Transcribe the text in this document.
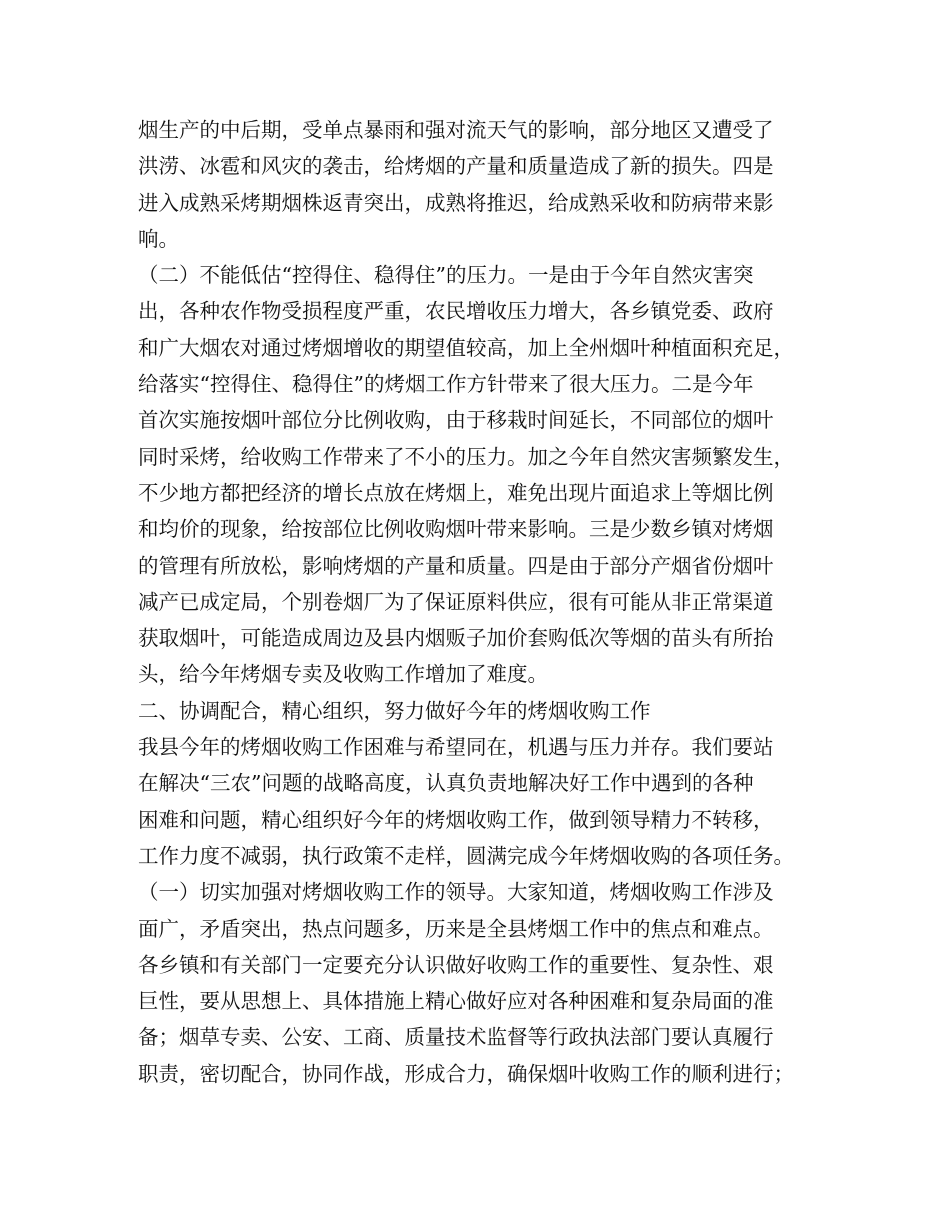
烟生产的中后期，受单点暴雨和强对流天气的影响，部分地区又遭受了
洪涝、冰雹和风灾的袭击，给烤烟的产量和质量造成了新的损失。四是
进入成熟采烤期烟株返青突出，成熟将推迟，给成熟采收和防病带来影
响。
（二）不能低估“控得住、稳得住”的压力。一是由于今年自然灾害突
出，各种农作物受损程度严重，农民增收压力增大，各乡镇党委、政府
和广大烟农对通过烤烟增收的期望值较高，加上全州烟叶种植面积充足，
给落实“控得住、稳得住”的烤烟工作方针带来了很大压力。二是今年
首次实施按烟叶部位分比例收购，由于移栽时间延长，不同部位的烟叶
同时采烤，给收购工作带来了不小的压力。加之今年自然灾害频繁发生，
不少地方都把经济的增长点放在烤烟上，难免出现片面追求上等烟比例
和均价的现象，给按部位比例收购烟叶带来影响。三是少数乡镇对烤烟
的管理有所放松，影响烤烟的产量和质量。四是由于部分产烟省份烟叶
减产已成定局，个别卷烟厂为了保证原料供应，很有可能从非正常渠道
获取烟叶，可能造成周边及县内烟贩子加价套购低次等烟的苗头有所抬
头，给今年烤烟专卖及收购工作增加了难度。
二、协调配合，精心组织，努力做好今年的烤烟收购工作
我县今年的烤烟收购工作困难与希望同在，机遇与压力并存。我们要站
在解决“三农”问题的战略高度，认真负责地解决好工作中遇到的各种
困难和问题，精心组织好今年的烤烟收购工作，做到领导精力不转移，
工作力度不减弱，执行政策不走样，圆满完成今年烤烟收购的各项任务。
（一）切实加强对烤烟收购工作的领导。大家知道，烤烟收购工作涉及
面广，矛盾突出，热点问题多，历来是全县烤烟工作中的焦点和难点。
各乡镇和有关部门一定要充分认识做好收购工作的重要性、复杂性、艰
巨性，要从思想上、具体措施上精心做好应对各种困难和复杂局面的准
备；烟草专卖、公安、工商、质量技术监督等行政执法部门要认真履行
职责，密切配合，协同作战，形成合力，确保烟叶收购工作的顺利进行；
